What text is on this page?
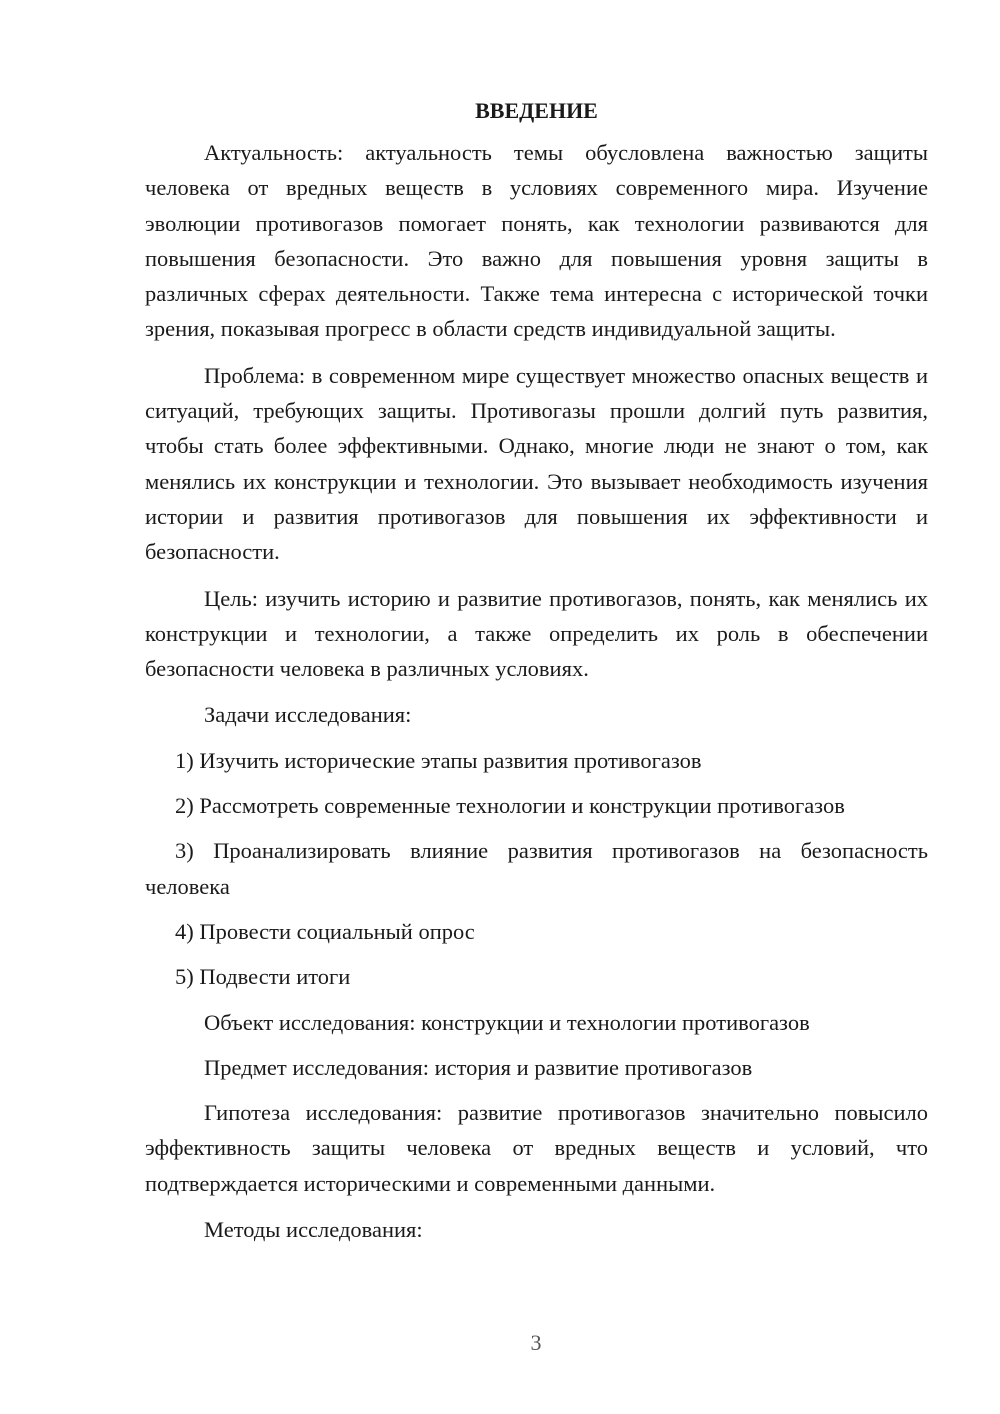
ВВЕДЕНИЕ

Актуальность: актуальность темы обусловлена важностью защиты человека от вредных веществ в условиях современного мира. Изучение эволюции противогазов помогает понять, как технологии развиваются для повышения безопасности. Это важно для повышения уровня защиты в различных сферах деятельности. Также тема интересна с исторической точки зрения, показывая прогресс в области средств индивидуальной защиты.

Проблема: в современном мире существует множество опасных веществ и ситуаций, требующих защиты. Противогазы прошли долгий путь развития, чтобы стать более эффективными. Однако, многие люди не знают о том, как менялись их конструкции и технологии. Это вызывает необходимость изучения истории и развития противогазов для повышения их эффективности и безопасности.

Цель: изучить историю и развитие противогазов, понять, как менялись их конструкции и технологии, а также определить их роль в обеспечении безопасности человека в различных условиях.

Задачи исследования:

1) Изучить исторические этапы развития противогазов

2) Рассмотреть современные технологии и конструкции противогазов

3) Проанализировать влияние развития противогазов на безопасность человека

4) Провести социальный опрос

5) Подвести итоги

Объект исследования: конструкции и технологии противогазов

Предмет исследования: история и развитие противогазов

Гипотеза исследования: развитие противогазов значительно повысило эффективность защиты человека от вредных веществ и условий, что подтверждается историческими и современными данными.

Методы исследования:

3
